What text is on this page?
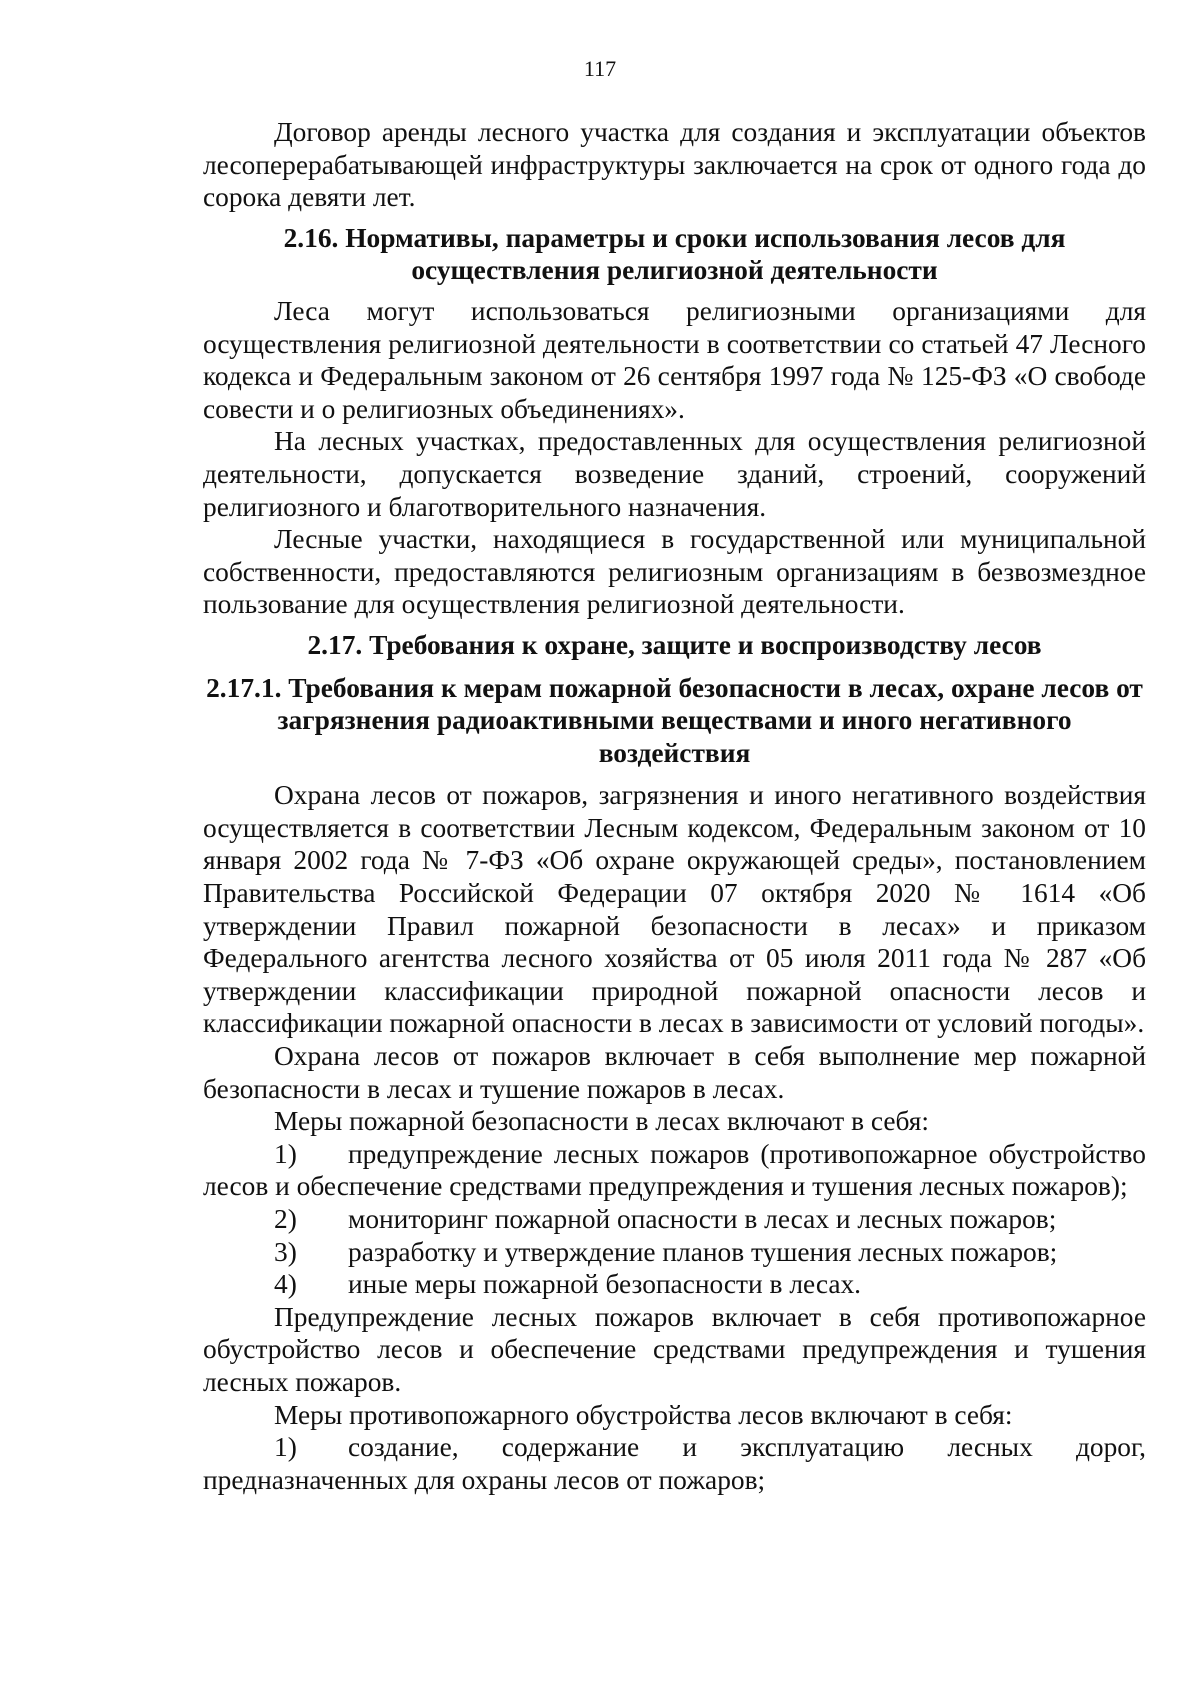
117

Договор аренды лесного участка для создания и эксплуатации объектов лесоперерабатывающей инфраструктуры заключается на срок от одного года до сорока девяти лет.

2.16. Нормативы, параметры и сроки использования лесов для осуществления религиозной деятельности

Леса могут использоваться религиозными организациями для осуществления религиозной деятельности в соответствии со статьей 47 Лесного кодекса и Федеральным законом от 26 сентября 1997 года № 125-ФЗ «О свободе совести и о религиозных объединениях».

На лесных участках, предоставленных для осуществления религиозной деятельности, допускается возведение зданий, строений, сооружений религиозного и благотворительного назначения.

Лесные участки, находящиеся в государственной или муниципальной собственности, предоставляются религиозным организациям в безвозмездное пользование для осуществления религиозной деятельности.

2.17. Требования к охране, защите и воспроизводству лесов

2.17.1. Требования к мерам пожарной безопасности в лесах, охране лесов от загрязнения радиоактивными веществами и иного негативного воздействия

Охрана лесов от пожаров, загрязнения и иного негативного воздействия осуществляется в соответствии Лесным кодексом, Федеральным законом от 10 января 2002 года № 7-ФЗ «Об охране окружающей среды», постановлением Правительства Российской Федерации 07 октября 2020 № 1614 «Об утверждении Правил пожарной безопасности в лесах» и приказом Федерального агентства лесного хозяйства от 05 июля 2011 года № 287 «Об утверждении классификации природной пожарной опасности лесов и классификации пожарной опасности в лесах в зависимости от условий погоды».

Охрана лесов от пожаров включает в себя выполнение мер пожарной безопасности в лесах и тушение пожаров в лесах.

Меры пожарной безопасности в лесах включают в себя:

1) предупреждение лесных пожаров (противопожарное обустройство лесов и обеспечение средствами предупреждения и тушения лесных пожаров);

2) мониторинг пожарной опасности в лесах и лесных пожаров;

3) разработку и утверждение планов тушения лесных пожаров;

4) иные меры пожарной безопасности в лесах.

Предупреждение лесных пожаров включает в себя противопожарное обустройство лесов и обеспечение средствами предупреждения и тушения лесных пожаров.

Меры противопожарного обустройства лесов включают в себя:

1) создание, содержание и эксплуатацию лесных дорог, предназначенных для охраны лесов от пожаров;
